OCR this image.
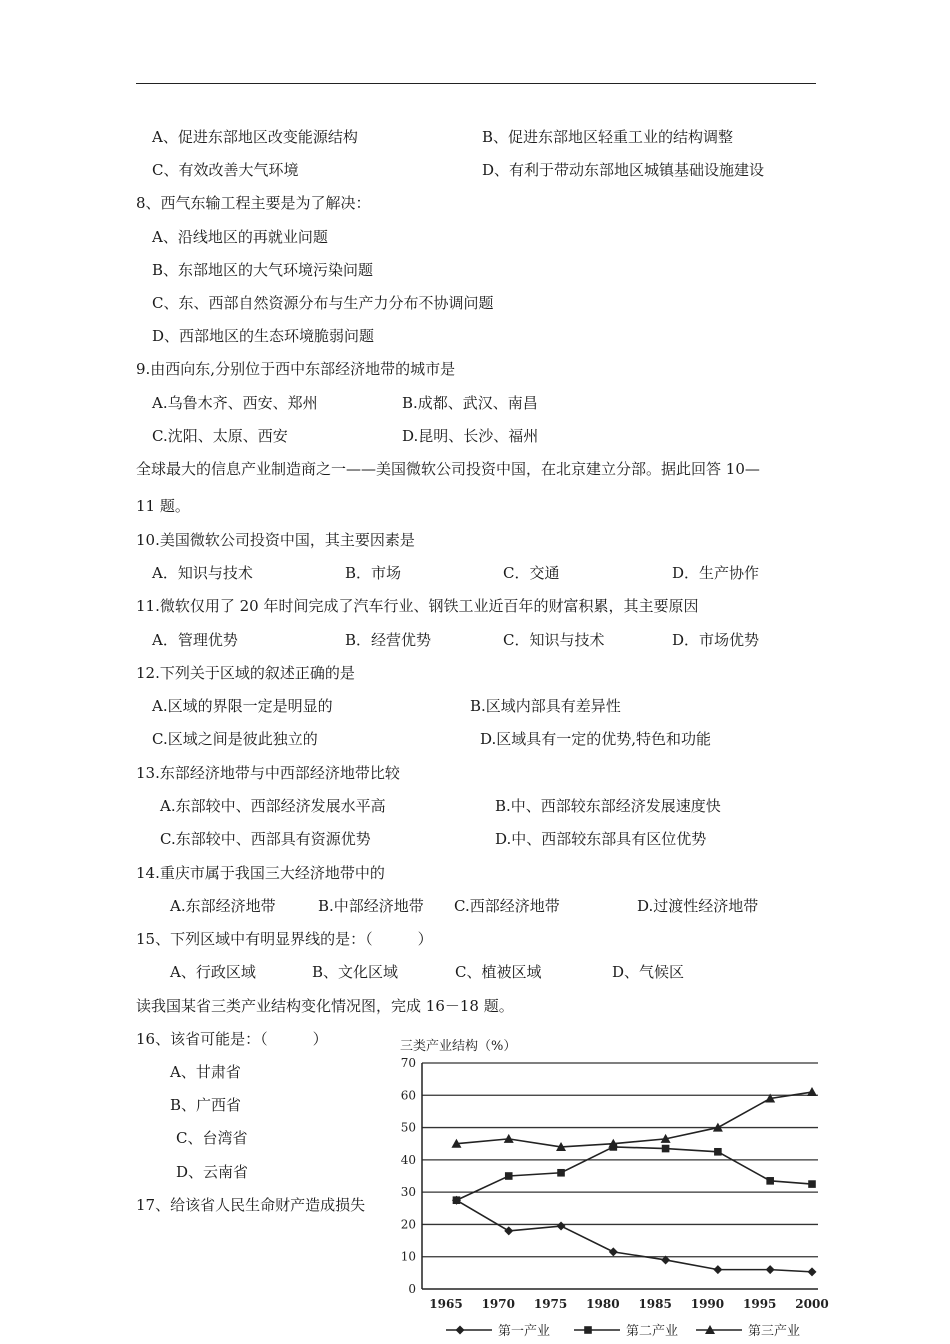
A、促进东部地区改变能源结构	B、促进东部地区轻重工业的结构调整
C、有效改善大气环境	D、有利于带动东部地区城镇基础设施建设
8、西气东输工程主要是为了解决：
A、沿线地区的再就业问题
B、东部地区的大气环境污染问题
C、东、西部自然资源分布与生产力分布不协调问题
D、西部地区的生态环境脆弱问题
9.由西向东,分别位于西中东部经济地带的城市是
A.乌鲁木齐、西安、郑州	B.成都、武汉、南昌
C.沈阳、太原、西安	D.昆明、长沙、福州
全球最大的信息产业制造商之一——美国微软公司投资中国，在北京建立分部。据此回答 10—
11 题。
10.美国微软公司投资中国，其主要因素是
A．知识与技术	B．市场	C．交通	D．生产协作
11.微软仅用了 20 年时间完成了汽车行业、钢铁工业近百年的财富积累，其主要原因
A．管理优势	B．经营优势	C．知识与技术	D．市场优势
12.下列关于区域的叙述正确的是
A.区域的界限一定是明显的	B.区域内部具有差异性
C.区域之间是彼此独立的	D.区域具有一定的优势,特色和功能
13.东部经济地带与中西部经济地带比较
A.东部较中、西部经济发展水平高	B.中、西部较东部经济发展速度快
C.东部较中、西部具有资源优势	D.中、西部较东部具有区位优势
14.重庆市属于我国三大经济地带中的
A.东部经济地带	B.中部经济地带 C.西部经济地带	D.过渡性经济地带
15、下列区域中有明显界线的是：（　　　）
A、行政区域	B、文化区域	C、植被区域	D、气候区
读我国某省三类产业结构变化情况图，完成 16－18 题。
16、该省可能是：（　　　）
A、甘肃省
B、广西省
C、台湾省
D、云南省
17、给该省人民生命财产造成损失
三类产业结构（%）
0
10
20
30
40
50
60
70
1965 1970 1975 1980 1985 1990 1995 2000
第一产业	第二产业	第三产业
